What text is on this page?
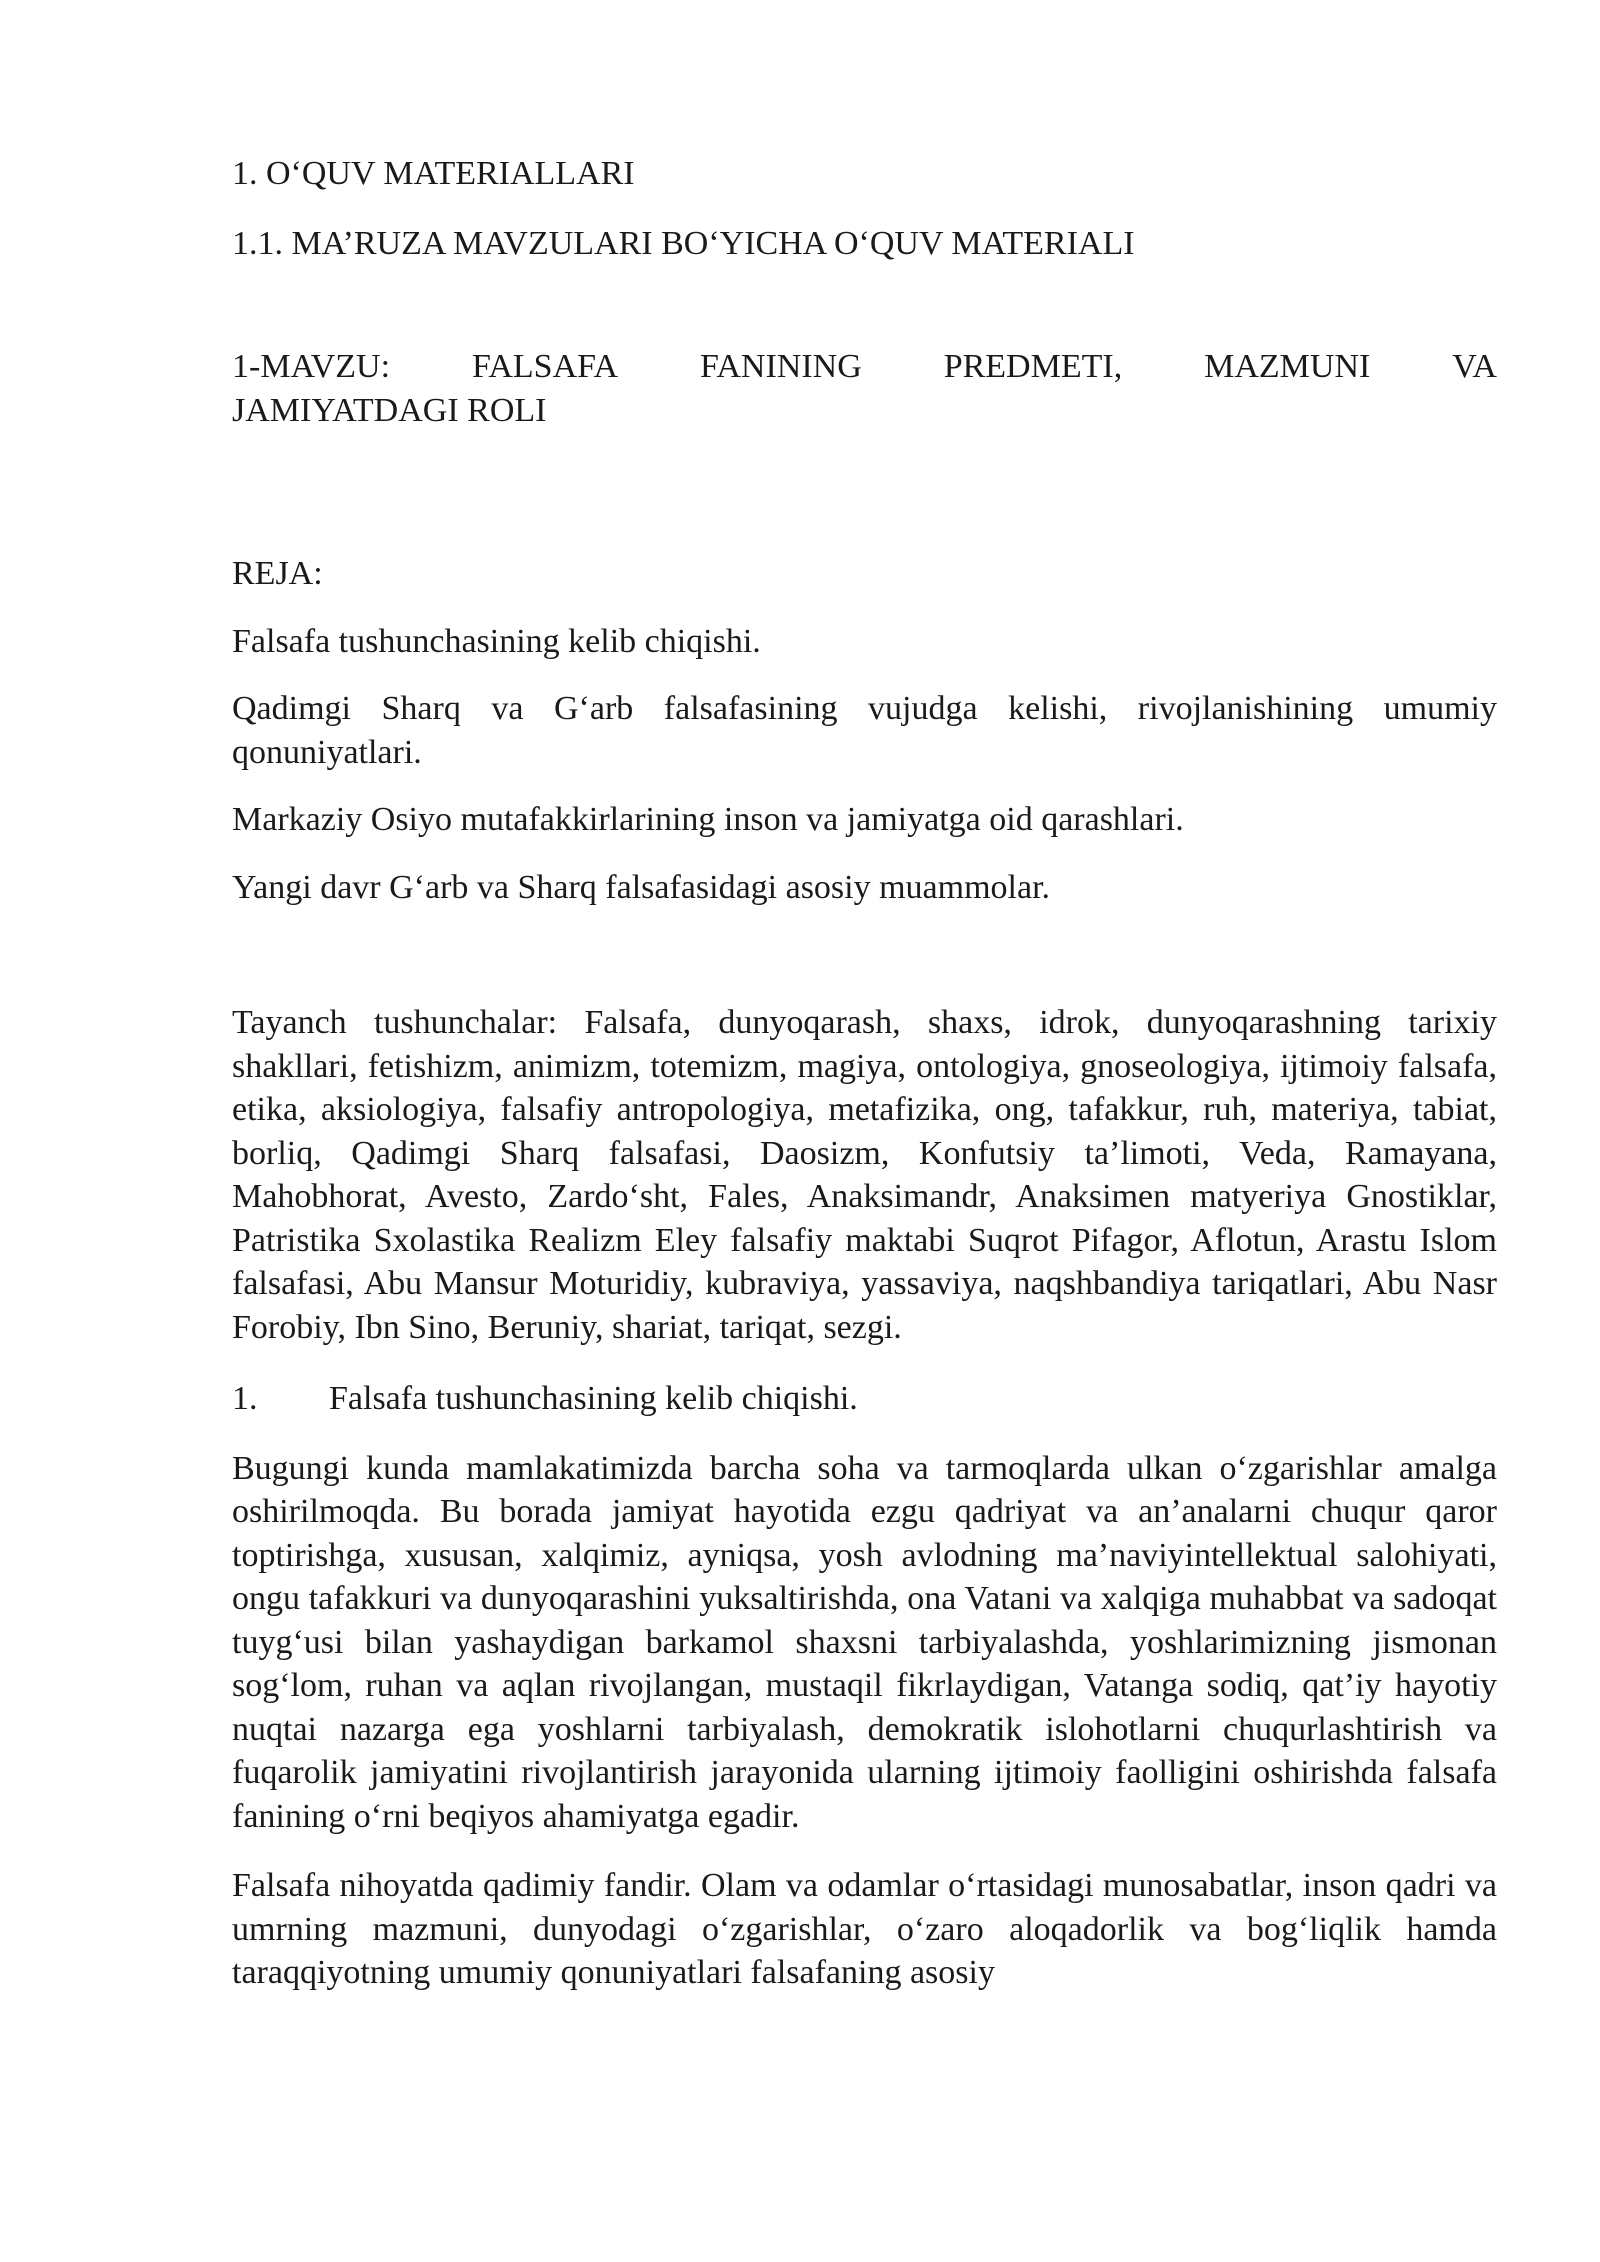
1. O‘QUV MATERIALLARI

1.1. MA’RUZA MAVZULARI BO‘YICHA O‘QUV MATERIALI

1-MAVZU: FALSAFA FANINING PREDMETI, MAZMUNI VA
JAMIYATDAGI ROLI

REJA:

Falsafa tushunchasining kelib chiqishi.

Qadimgi Sharq va G‘arb falsafasining vujudga kelishi, rivojlanishining umumiy qonuniyatlari.

Markaziy Osiyo mutafakkirlarining inson va jamiyatga oid qarashlari.

Yangi davr G‘arb va Sharq falsafasidagi asosiy muammolar.

Tayanch tushunchalar: Falsafa, dunyoqarash, shaxs, idrok, dunyoqarashning tarixiy shakllari, fetishizm, animizm, totemizm, magiya, ontologiya, gnoseologiya, ijtimoiy falsafa, etika, aksiologiya, falsafiy antropologiya, metafizika, ong, tafakkur, ruh, materiya, tabiat, borliq, Qadimgi Sharq falsafasi, Daosizm, Konfutsiy ta’limoti, Veda, Ramayana, Mahobhorat, Avesto, Zardo‘sht, Fales, Anaksimandr, Anaksimen matyeriya Gnostiklar, Patristika Sxolastika Realizm Eley falsafiy maktabi Suqrot Pifagor, Aflotun, Arastu Islom falsafasi, Abu Mansur Moturidiy, kubraviya, yassaviya, naqshbandiya tariqatlari, Abu Nasr Forobiy, Ibn Sino, Beruniy, shariat, tariqat, sezgi.

1. Falsafa tushunchasining kelib chiqishi.

Bugungi kunda mamlakatimizda barcha soha va tarmoqlarda ulkan o‘zgarishlar amalga oshirilmoqda. Bu borada jamiyat hayotida ezgu qadriyat va an’analarni chuqur qaror toptirishga, xususan, xalqimiz, ayniqsa, yosh avlodning ma’naviyintellektual salohiyati, ongu tafakkuri va dunyoqarashini yuksaltirishda, ona Vatani va xalqiga muhabbat va sadoqat tuyg‘usi bilan yashaydigan barkamol shaxsni tarbiyalashda, yoshlarimizning jismonan sog‘lom, ruhan va aqlan rivojlangan, mustaqil fikrlaydigan, Vatanga sodiq, qat’iy hayotiy nuqtai nazarga ega yoshlarni tarbiyalash, demokratik islohotlarni chuqurlashtirish va fuqarolik jamiyatini rivojlantirish jarayonida ularning ijtimoiy faolligini oshirishda falsafa fanining o‘rni beqiyos ahamiyatga egadir.

Falsafa nihoyatda qadimiy fandir. Olam va odamlar o‘rtasidagi munosabatlar, inson qadri va umrning mazmuni, dunyodagi o‘zgarishlar, o‘zaro aloqadorlik va bog‘liqlik hamda taraqqiyotning umumiy qonuniyatlari falsafaning asosiy
